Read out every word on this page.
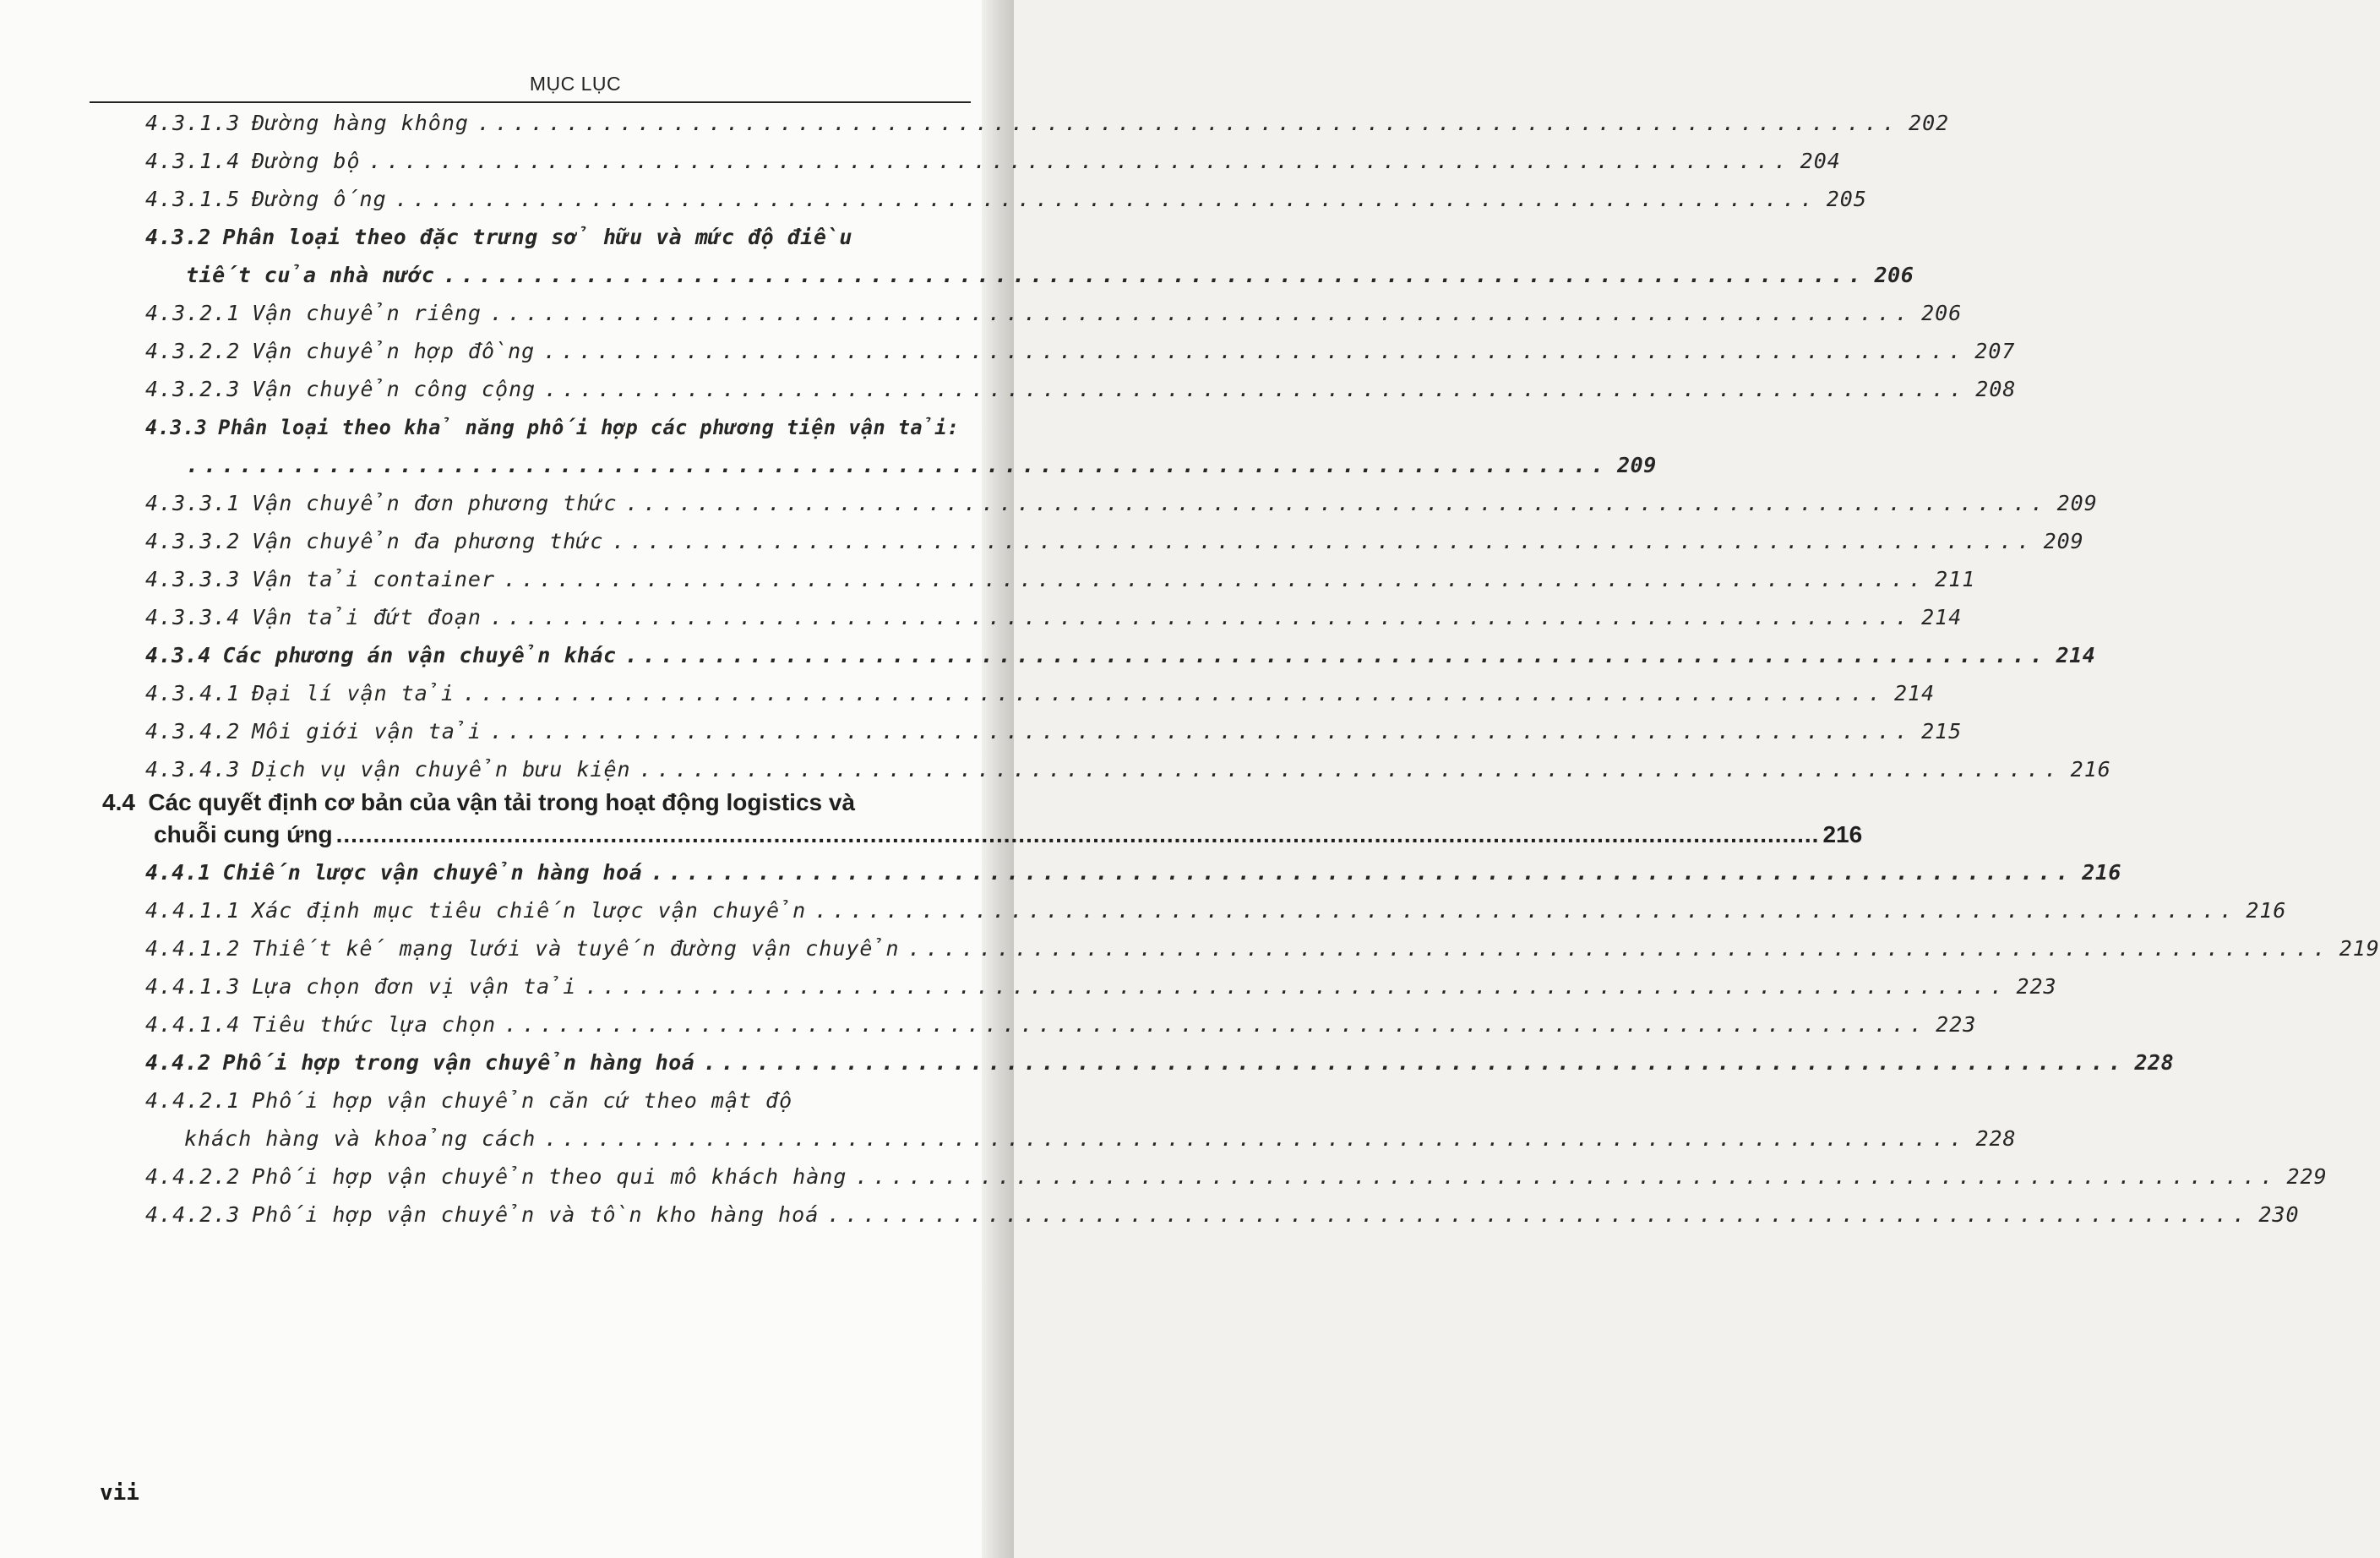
MỤC LỤC
4.3.1.3 Đường hàng không ................................................................................ 202
4.3.1.4 Đường bộ ................................................................................ 204
4.3.1.5 Đường ống ................................................................................ 205
4.3.2 Phân loại theo đặc trưng sở hữu và mức độ điều
tiết của nhà nước ................................................................................ 206
4.3.2.1 Vận chuyển riêng ................................................................................ 206
4.3.2.2 Vận chuyển hợp đồng ................................................................................ 207
4.3.2.3 Vận chuyển công cộng ................................................................................ 208
4.3.3 Phân loại theo khả năng phối hợp các phương tiện vận tải:
................................................................................ 209
4.3.3.1 Vận chuyển đơn phương thức ................................................................................ 209
4.3.3.2 Vận chuyển đa phương thức ................................................................................ 209
4.3.3.3 Vận tải container ................................................................................ 211
4.3.3.4 Vận tải đứt đoạn ................................................................................ 214
4.3.4 Các phương án vận chuyển khác ................................................................................ 214
4.3.4.1 Đại lí vận tải ................................................................................ 214
4.3.4.2 Môi giới vận tải ................................................................................ 215
4.3.4.3 Dịch vụ vận chuyển bưu kiện ................................................................................ 216
4.4 Các quyết định cơ bản của vận tải trong hoạt động logistics và
chuỗi cung ứng ........................................................................................................................................................................................................ 216
4.4.1 Chiến lược vận chuyển hàng hoá ................................................................................ 216
4.4.1.1 Xác định mục tiêu chiến lược vận chuyển ................................................................................ 216
4.4.1.2 Thiết kế mạng lưới và tuyến đường vận chuyển ................................................................................ 219
4.4.1.3 Lựa chọn đơn vị vận tải ................................................................................ 223
4.4.1.4 Tiêu thức lựa chọn ................................................................................ 223
4.4.2 Phối hợp trong vận chuyển hàng hoá ................................................................................ 228
4.4.2.1 Phối hợp vận chuyển căn cứ theo mật độ
khách hàng và khoảng cách ................................................................................ 228
4.4.2.2 Phối hợp vận chuyển theo qui mô khách hàng ................................................................................ 229
4.4.2.3 Phối hợp vận chuyển và tồn kho hàng hoá ................................................................................ 230
vii
